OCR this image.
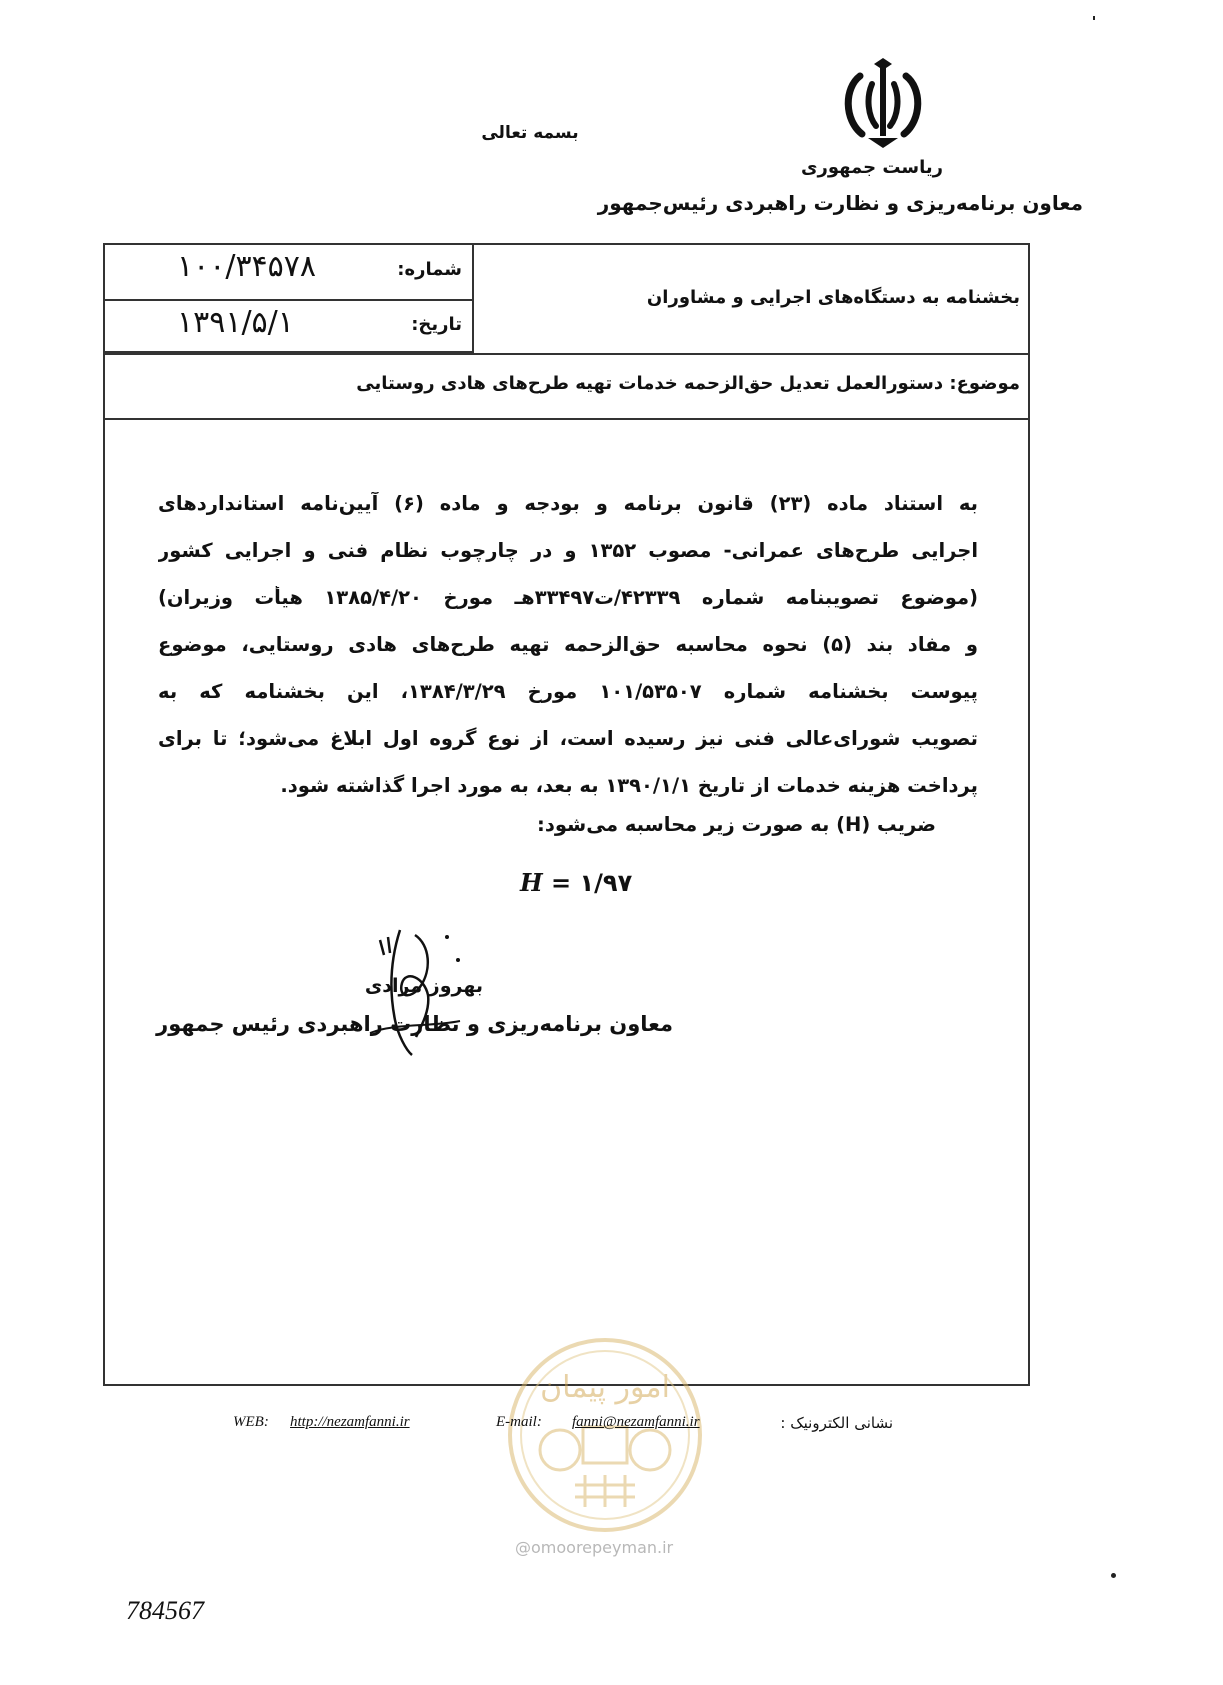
بسمه تعالی
ریاست جمهوری
معاون برنامه‌ریزی و نظارت راهبردی رئیس‌جمهور
شماره:
۱۰۰/۳۴۵۷۸
تاریخ:
۱۳۹۱/۵/۱
بخشنامه به دستگاه‌های اجرایی و مشاوران
موضوع: دستورالعمل تعدیل حق‌الزحمه خدمات تهیه طرح‌های هادی روستایی
به استناد ماده (۲۳) قانون برنامه و بودجه و ماده (۶) آیین‌نامه استانداردهای
اجرایی طرح‌های عمرانی- مصوب ۱۳۵۲ و در چارچوب نظام فنی و اجرایی کشور
(موضوع تصویبنامه شماره ۴۲۳۳۹/ت۳۳۴۹۷هـ مورخ ۱۳۸۵/۴/۲۰ هیأت وزیران)
و مفاد بند (۵) نحوه محاسبه حق‌الزحمه تهیه طرح‌های هادی روستایی، موضوع
پیوست بخشنامه شماره ۱۰۱/۵۳۵۰۷ مورخ ۱۳۸۴/۳/۲۹، این بخشنامه که به
تصویب شورای‌عالی فنی نیز رسیده است، از نوع گروه اول ابلاغ می‌شود؛ تا برای
پرداخت هزینه خدمات از تاریخ ۱۳۹۰/۱/۱ به بعد، به مورد اجرا گذاشته شود.
ضریب (H) به صورت زیر محاسبه می‌شود:
H = ۱/۹۷
بهروز مرادی
معاون برنامه‌ریزی و نظارت راهبردی رئیس جمهور
امور پیمان
@omoorepeyman.ir
WEB: http://nezamfanni.ir	E-mail: fanni@nezamfanni.ir	نشانی الکترونیک :
784567
